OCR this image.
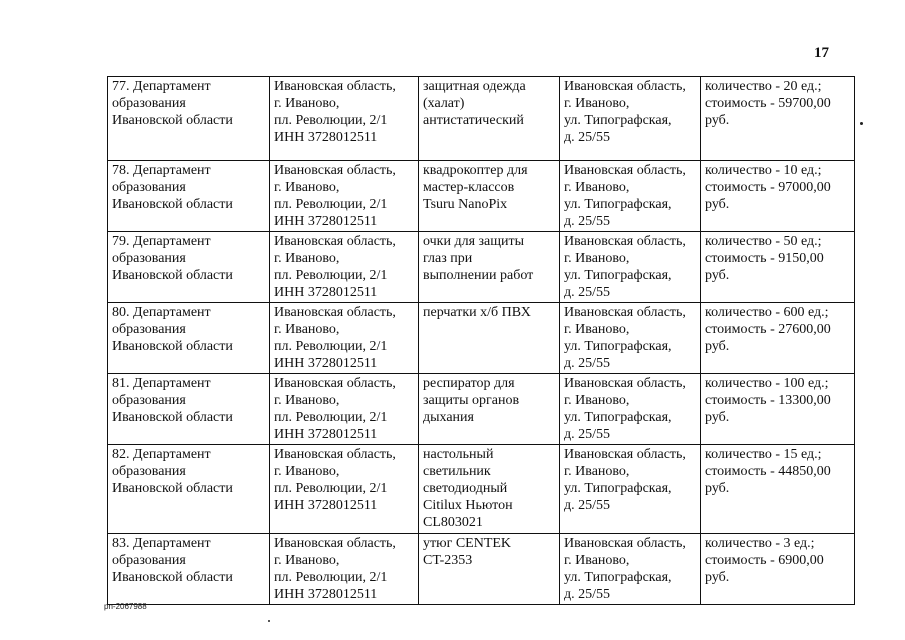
17
77. Департамент
образования
Ивановской области	Ивановская область,
г. Иваново,
пл. Революции, 2/1
ИНН 3728012511	защитная одежда
(халат)
антистатический	Ивановская область,
г. Иваново,
ул. Типографская,
д. 25/55	количество - 20 ед.;
стоимость - 59700,00
руб.

78. Департамент
образования
Ивановской области	Ивановская область,
г. Иваново,
пл. Революции, 2/1
ИНН 3728012511	квадрокоптер для
мастер-классов
Tsuru NanoPix	Ивановская область,
г. Иваново,
ул. Типографская,
д. 25/55	количество - 10 ед.;
стоимость - 97000,00
руб.

79. Департамент
образования
Ивановской области	Ивановская область,
г. Иваново,
пл. Революции, 2/1
ИНН 3728012511	очки для защиты
глаз при
выполнении работ	Ивановская область,
г. Иваново,
ул. Типографская,
д. 25/55	количество - 50 ед.;
стоимость - 9150,00
руб.

80. Департамент
образования
Ивановской области	Ивановская область,
г. Иваново,
пл. Революции, 2/1
ИНН 3728012511	перчатки х/б ПВХ	Ивановская область,
г. Иваново,
ул. Типографская,
д. 25/55	количество - 600 ед.;
стоимость - 27600,00
руб.

81. Департамент
образования
Ивановской области	Ивановская область,
г. Иваново,
пл. Революции, 2/1
ИНН 3728012511	респиратор для
защиты органов
дыхания	Ивановская область,
г. Иваново,
ул. Типографская,
д. 25/55	количество - 100 ед.;
стоимость - 13300,00
руб.

82. Департамент
образования
Ивановской области	Ивановская область,
г. Иваново,
пл. Революции, 2/1
ИНН 3728012511	настольный
светильник
светодиодный
Citilux Ньютон
CL803021	Ивановская область,
г. Иваново,
ул. Типографская,
д. 25/55	количество - 15 ед.;
стоимость - 44850,00
руб.

83. Департамент
образования
Ивановской области	Ивановская область,
г. Иваново,
пл. Революции, 2/1
ИНН 3728012511	утюг CENTEK
CT-2353	Ивановская область,
г. Иваново,
ул. Типографская,
д. 25/55	количество - 3 ед.;
стоимость - 6900,00
руб.
pn-2067988
